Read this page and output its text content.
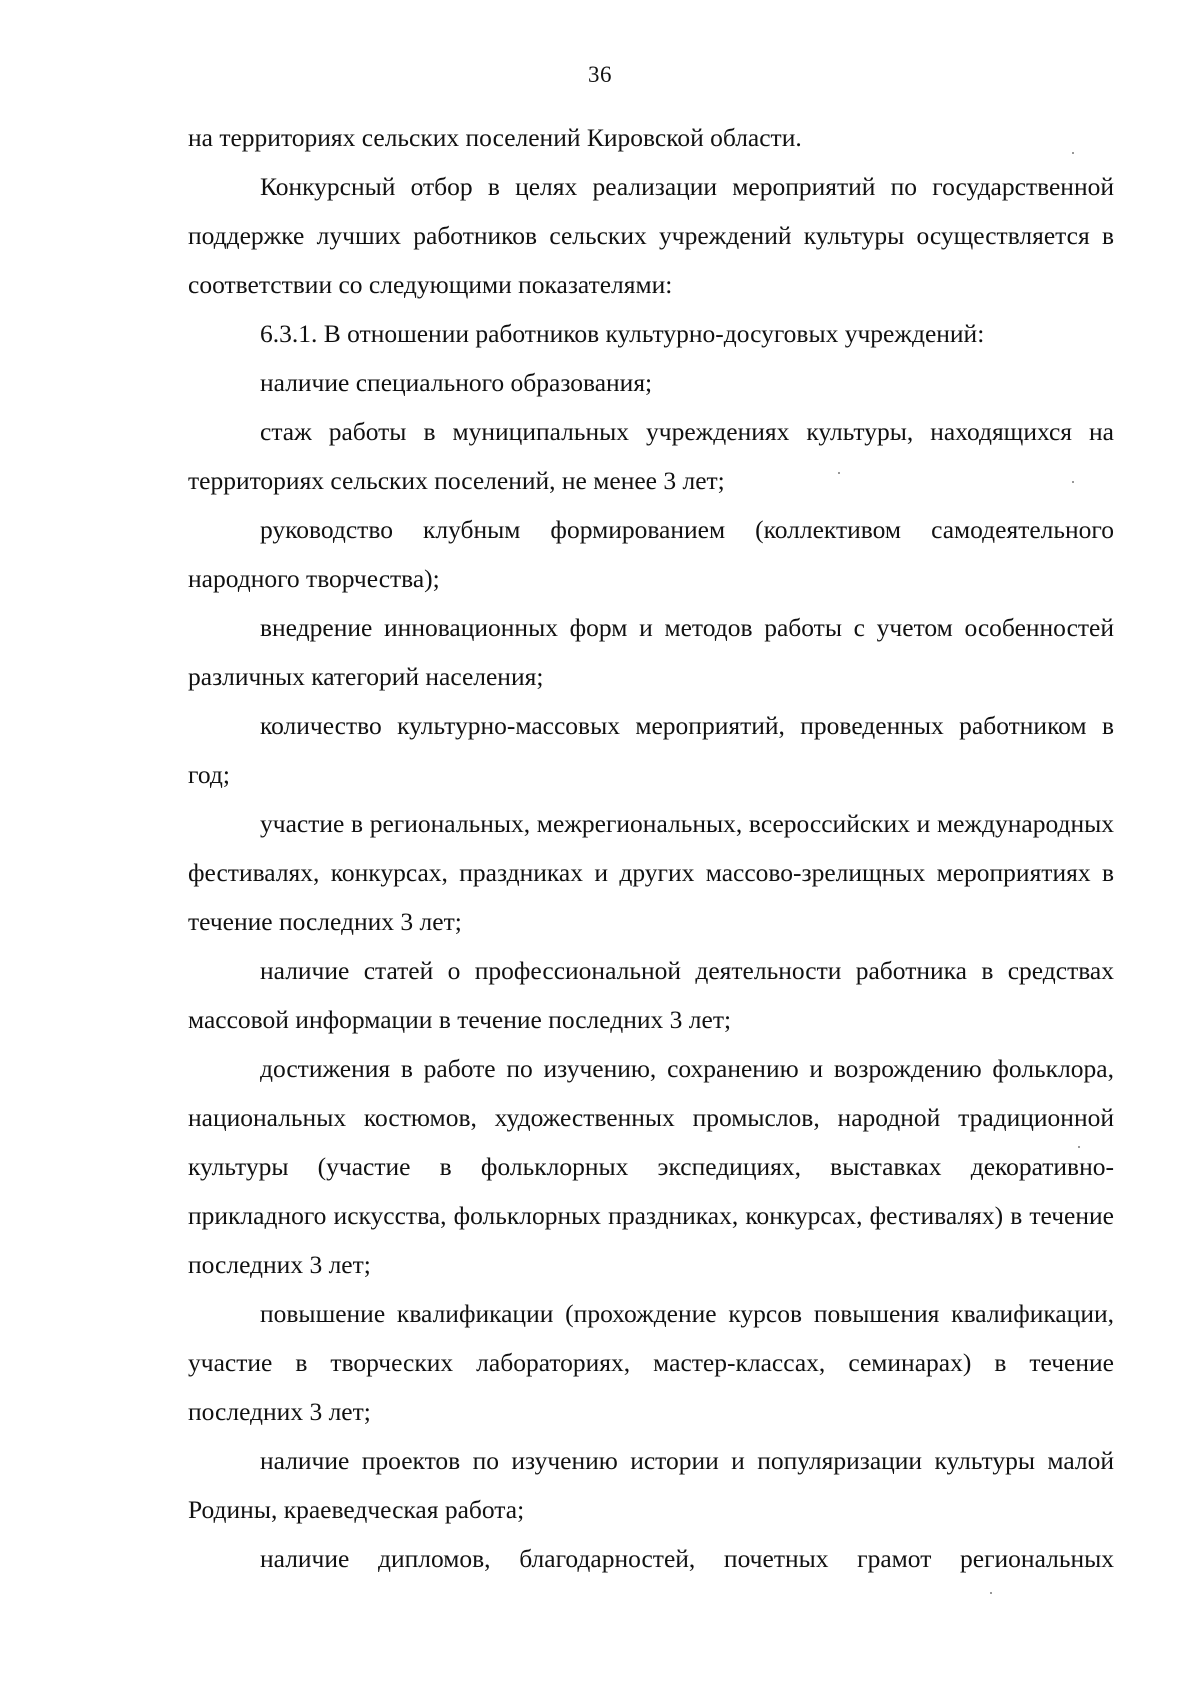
36

на территориях сельских поселений Кировской области.

Конкурсный отбор в целях реализации мероприятий по государственной поддержке лучших работников сельских учреждений культуры осуществляется в соответствии со следующими показателями:

6.3.1. В отношении работников культурно-досуговых учреждений:

наличие специального образования;

стаж работы в муниципальных учреждениях культуры, находящихся на территориях сельских поселений, не менее 3 лет;

руководство клубным формированием (коллективом самодеятельного народного творчества);

внедрение инновационных форм и методов работы с учетом особенностей различных категорий населения;

количество культурно-массовых мероприятий, проведенных работником в год;

участие в региональных, межрегиональных, всероссийских и международных фестивалях, конкурсах, праздниках и других массово-зрелищных мероприятиях в течение последних 3 лет;

наличие статей о профессиональной деятельности работника в средствах массовой информации в течение последних 3 лет;

достижения в работе по изучению, сохранению и возрождению фольклора, национальных костюмов, художественных промыслов, народной традиционной культуры (участие в фольклорных экспедициях, выставках декоративно-прикладного искусства, фольклорных праздниках, конкурсах, фестивалях) в течение последних 3 лет;

повышение квалификации (прохождение курсов повышения квалификации, участие в творческих лабораториях, мастер-классах, семинарах) в течение последних 3 лет;

наличие проектов по изучению истории и популяризации культуры малой Родины, краеведческая работа;

наличие дипломов, благодарностей, почетных грамот региональных
